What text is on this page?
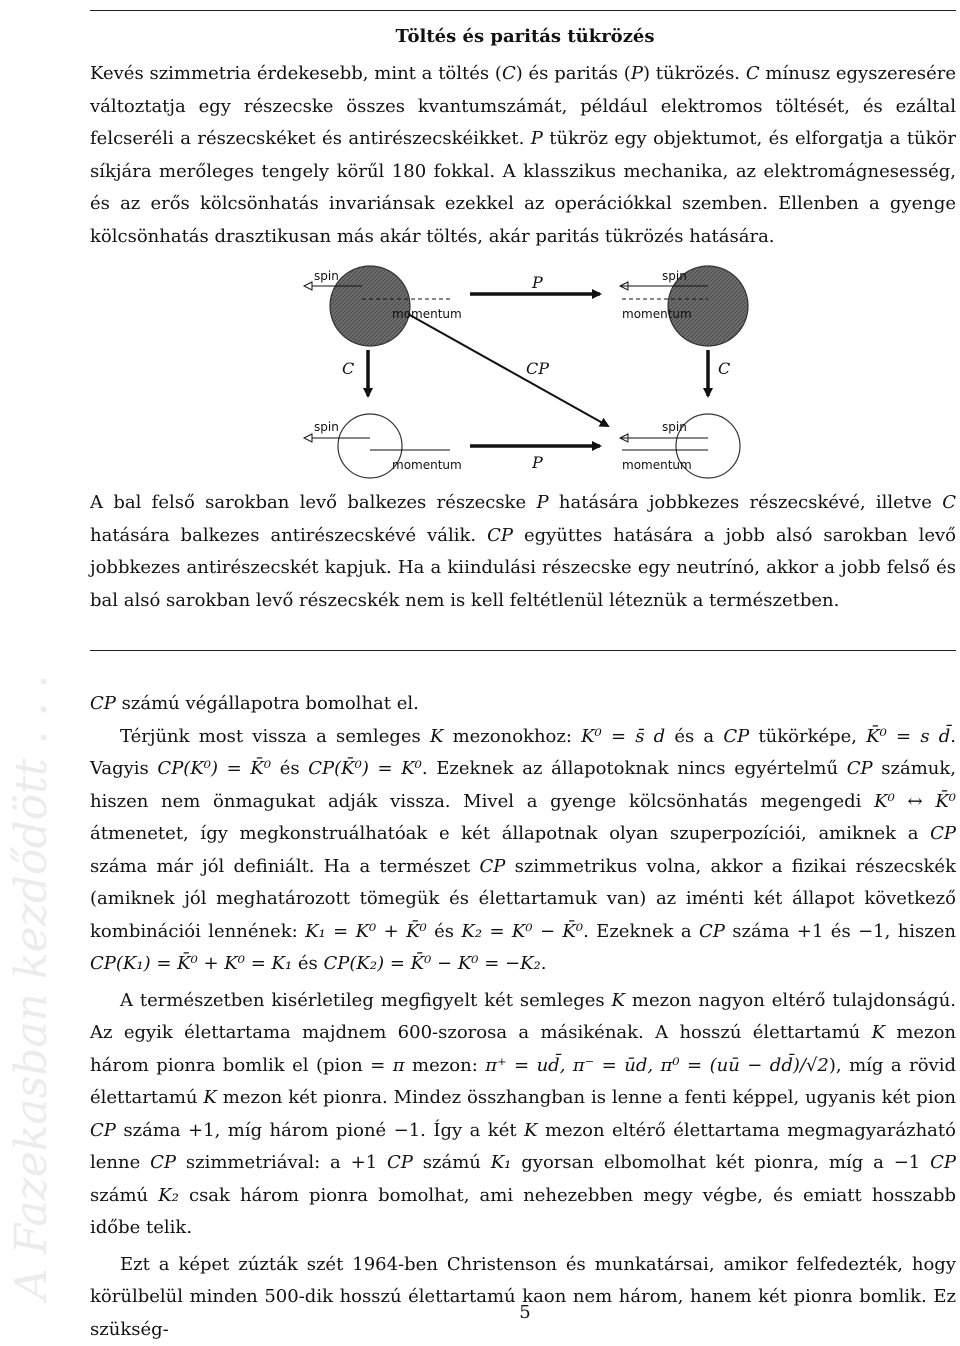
Töltés és paritás tükrözés

Kevés szimmetria érdekesebb, mint a töltés (C) és paritás (P) tükrözés. C mínusz egyszeresére változtatja egy részecske összes kvantumszámát, például elektromos töltését, és ezáltal felcseréli a részecskéket és antirészecskéikket. P tükröz egy objektumot, és elforgatja a tükör síkjára merőleges tengely körűl 180 fokkal. A klasszikus mechanika, az elektromágnesesség, és az erős kölcsönhatás invariánsak ezekkel az operációkkal szemben. Ellenben a gyenge kölcsönhatás drasztikusan más akár töltés, akár paritás tükrözés hatására.

spin
momentum
spin
momentum
P
C	C
CP
spin
momentum	P
spin
momentum

A bal felső sarokban levő balkezes részecske P hatására jobbkezes részecskévé, illetve C hatására balkezes antirészecskévé válik. CP együttes hatására a jobb alsó sarokban levő jobbkezes antirészecskét kapjuk. Ha a kiindulási részecske egy neutrínó, akkor a jobb felső és bal alsó sarokban levő részecskék nem is kell feltétlenül léteznük a természetben.

CP számú végállapotra bomolhat el.

Térjünk most vissza a semleges K mezonokhoz: K⁰ = s̄ d és a CP tükörképe, K̄⁰ = s d̄. Vagyis CP(K⁰) = K̄⁰ és CP(K̄⁰) = K⁰. Ezeknek az állapotoknak nincs egyértelmű CP számuk, hiszen nem önmagukat adják vissza. Mivel a gyenge kölcsönhatás megengedi K⁰ ↔ K̄⁰ átmenetet, így megkonstruálhatóak e két állapotnak olyan szuperpozíciói, amiknek a CP száma már jól definiált. Ha a természet CP szimmetrikus volna, akkor a fizikai részecskék (amiknek jól meghatározott tömegük és élettartamuk van) az iménti két állapot következő kombinációi lennének: K₁ = K⁰ + K̄⁰ és K₂ = K⁰ − K̄⁰. Ezeknek a CP száma +1 és −1, hiszen CP(K₁) = K̄⁰ + K⁰ = K₁ és CP(K₂) = K̄⁰ − K⁰ = −K₂.

A természetben kisérletileg megfigyelt két semleges K mezon nagyon eltérő tulajdonságú. Az egyik élettartama majdnem 600-szorosa a másikénak. A hosszú élettartamú K mezon három pionra bomlik el (pion = π mezon: π⁺ = ud̄, π⁻ = ūd, π⁰ = (uū − dd̄)/√2), míg a rövid élettartamú K mezon két pionra. Mindez összhangban is lenne a fenti képpel, ugyanis két pion CP száma +1, míg három pioné −1. Így a két K mezon eltérő élettartama megmagyarázható lenne CP szimmetriával: a +1 CP számú K₁ gyorsan elbomolhat két pionra, míg a −1 CP számú K₂ csak három pionra bomolhat, ami nehezebben megy végbe, és emiatt hosszabb időbe telik.

Ezt a képet zúzták szét 1964-ben Christenson és munkatársai, amikor felfedezték, hogy körülbelül minden 500-dik hosszú élettartamú kaon nem három, hanem két pionra bomlik. Ez szükség-

A Fazekasban kezdődött . . .
5
